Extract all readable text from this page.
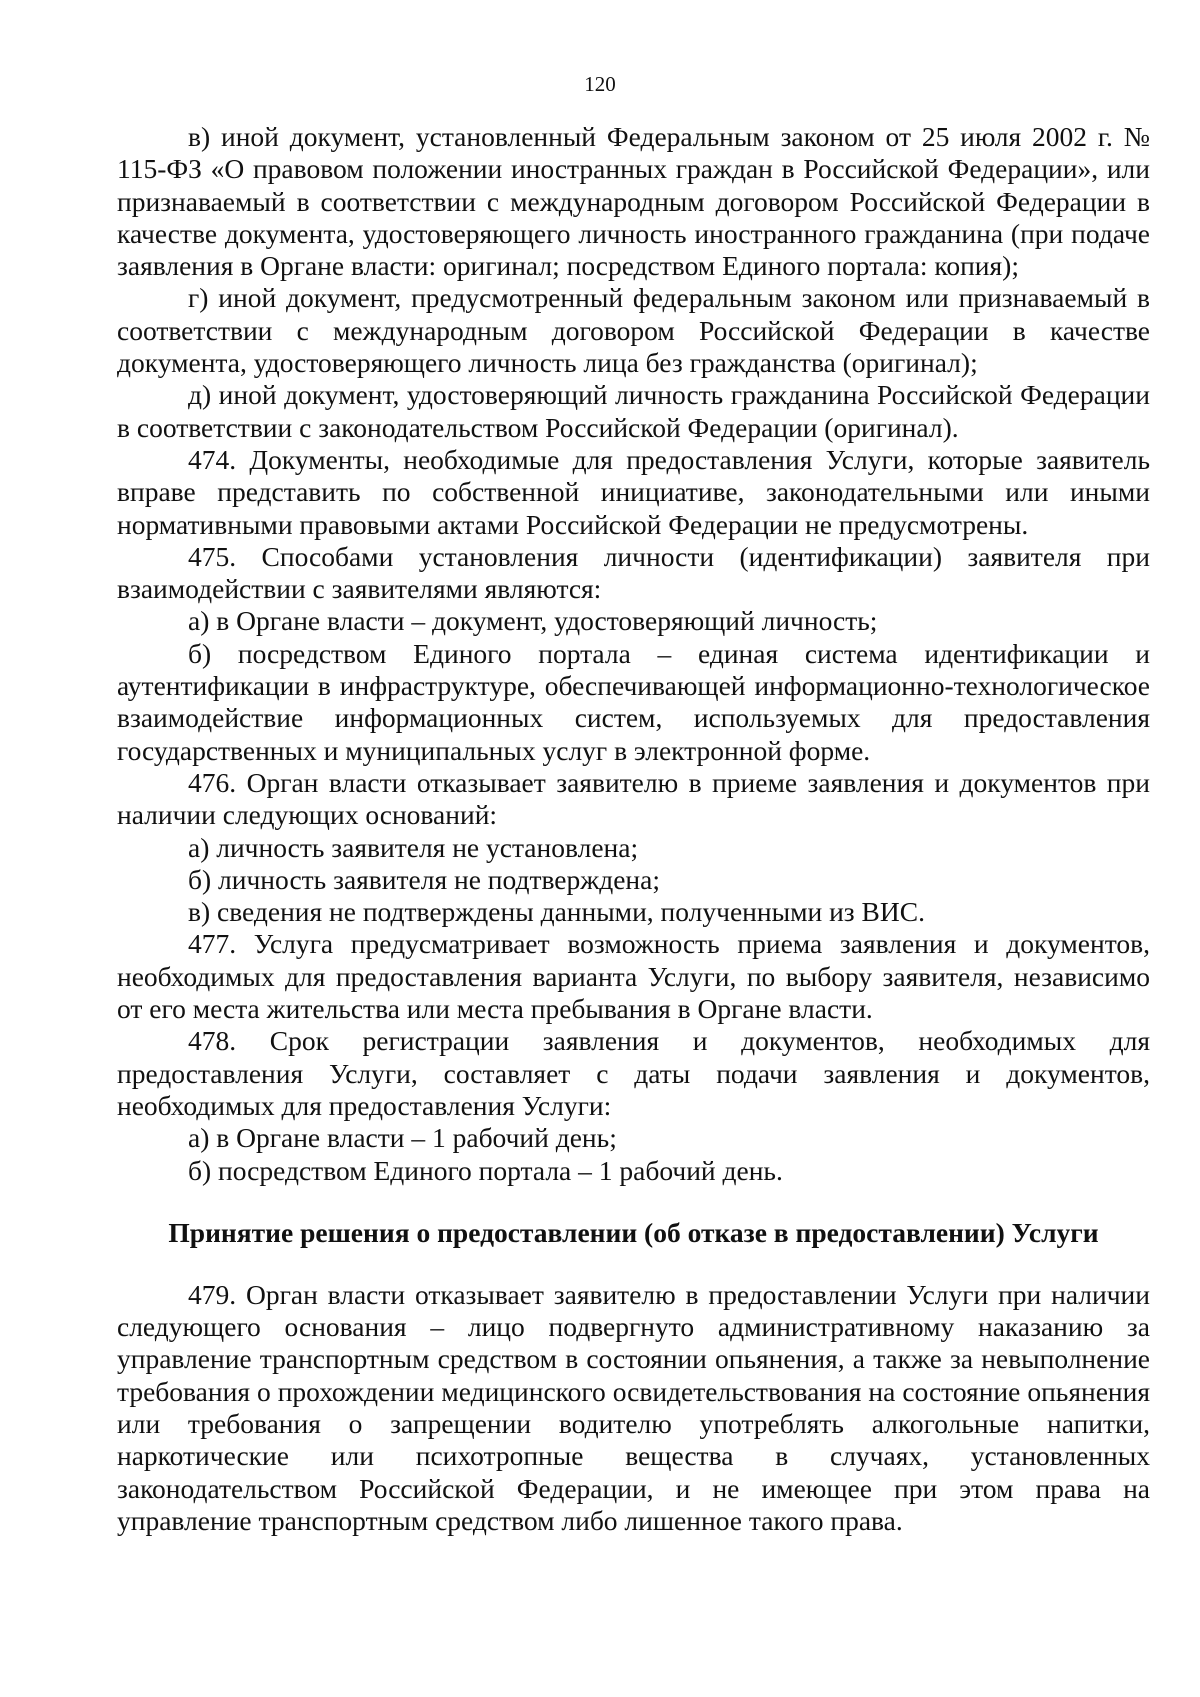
120

в) иной документ, установленный Федеральным законом от 25 июля 2002 г. № 115-ФЗ «О правовом положении иностранных граждан в Российской Федерации», или признаваемый в соответствии с международным договором Российской Федерации в качестве документа, удостоверяющего личность иностранного гражданина (при подаче заявления в Органе власти: оригинал; посредством Единого портала: копия);

г) иной документ, предусмотренный федеральным законом или признаваемый в соответствии с международным договором Российской Федерации в качестве документа, удостоверяющего личность лица без гражданства (оригинал);

д) иной документ, удостоверяющий личность гражданина Российской Федерации в соответствии с законодательством Российской Федерации (оригинал).

474. Документы, необходимые для предоставления Услуги, которые заявитель вправе представить по собственной инициативе, законодательными или иными нормативными правовыми актами Российской Федерации не предусмотрены.

475. Способами установления личности (идентификации) заявителя при взаимодействии с заявителями являются:

а) в Органе власти – документ, удостоверяющий личность;

б) посредством Единого портала – единая система идентификации и аутентификации в инфраструктуре, обеспечивающей информационно-технологическое взаимодействие информационных систем, используемых для предоставления государственных и муниципальных услуг в электронной форме.

476. Орган власти отказывает заявителю в приеме заявления и документов при наличии следующих оснований:

а) личность заявителя не установлена;

б) личность заявителя не подтверждена;

в) сведения не подтверждены данными, полученными из ВИС.

477. Услуга предусматривает возможность приема заявления и документов, необходимых для предоставления варианта Услуги, по выбору заявителя, независимо от его места жительства или места пребывания в Органе власти.

478. Срок регистрации заявления и документов, необходимых для предоставления Услуги, составляет с даты подачи заявления и документов, необходимых для предоставления Услуги:

а) в Органе власти – 1 рабочий день;

б) посредством Единого портала – 1 рабочий день.

Принятие решения о предоставлении (об отказе в предоставлении) Услуги

479. Орган власти отказывает заявителю в предоставлении Услуги при наличии следующего основания – лицо подвергнуто административному наказанию за управление транспортным средством в состоянии опьянения, а также за невыполнение требования о прохождении медицинского освидетельствования на состояние опьянения или требования о запрещении водителю употреблять алкогольные напитки, наркотические или психотропные вещества в случаях, установленных законодательством Российской Федерации, и не имеющее при этом права на управление транспортным средством либо лишенное такого права.
